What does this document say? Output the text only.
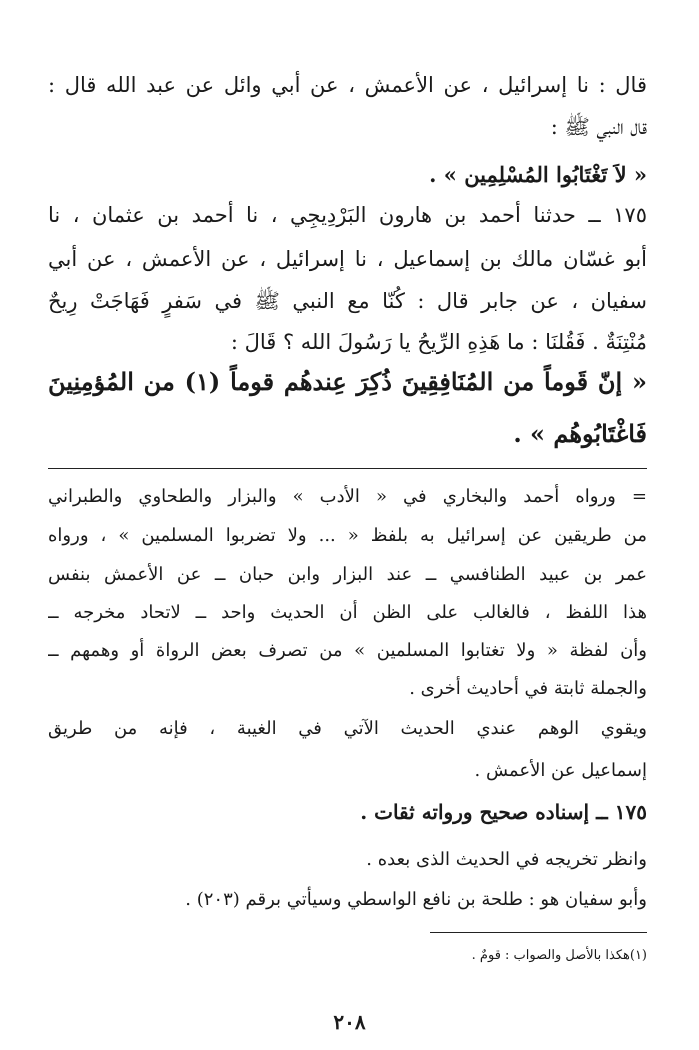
قال : نا إسرائيل ، عن الأعمش ، عن أبي وائل عن عبد الله قال :
قال النبي ﷺ :
« لاَ تَغْتَابُوا المُسْلِمِين » .
١٧٥ ــ حدثنا أحمد بن هارون البَرْدِيجِي ، نا أحمد بن عثمان ، نا
أبو غسّان مالك بن إسماعيل ، نا إسرائيل ، عن الأعمش ، عن أبي
سفيان ، عن جابر قال : كُنّا مع النبي ﷺ في سَفرٍ فَهَاجَتْ رِيحٌ
مُنْتِنَةٌ . فَقُلنَا : ما هَذِهِ الرِّيحُ يا رَسُولَ الله ؟ قَالَ :
« إنّ قَوماً من المُنَافِقِينَ ذُكِرَ عِندهُم قوماً (١) من المُؤمِنِينَ
فَاغْتَابُوهُم » .
= ورواه أحمد والبخاري في « الأدب » والبزار والطحاوي والطبراني
من طريقين عن إسرائيل به بلفظ « ... ولا تضربوا المسلمين » ، ورواه
عمر بن عبيد الطنافسي ــ عند البزار وابن حبان ــ عن الأعمش بنفس
هذا اللفظ ، فالغالب على الظن أن الحديث واحد ــ لاتحاد مخرجه ــ
وأن لفظة « ولا تغتابوا المسلمين » من تصرف بعض الرواة أو وهمهم ــ
والجملة ثابتة في أحاديث أخرى .
ويقوي الوهم عندي الحديث الآتي في الغيبة ، فإنه من طريق
إسماعيل عن الأعمش .
١٧٥ ــ إسناده صحيح ورواته ثقات .
وانظر تخريجه في الحديث الذى بعده .
وأبو سفيان هو : طلحة بن نافع الواسطي وسيأتي برقم (٢٠٣) .
(١)هكذا بالأصل والصواب : قومٌ .
٢٠٨
